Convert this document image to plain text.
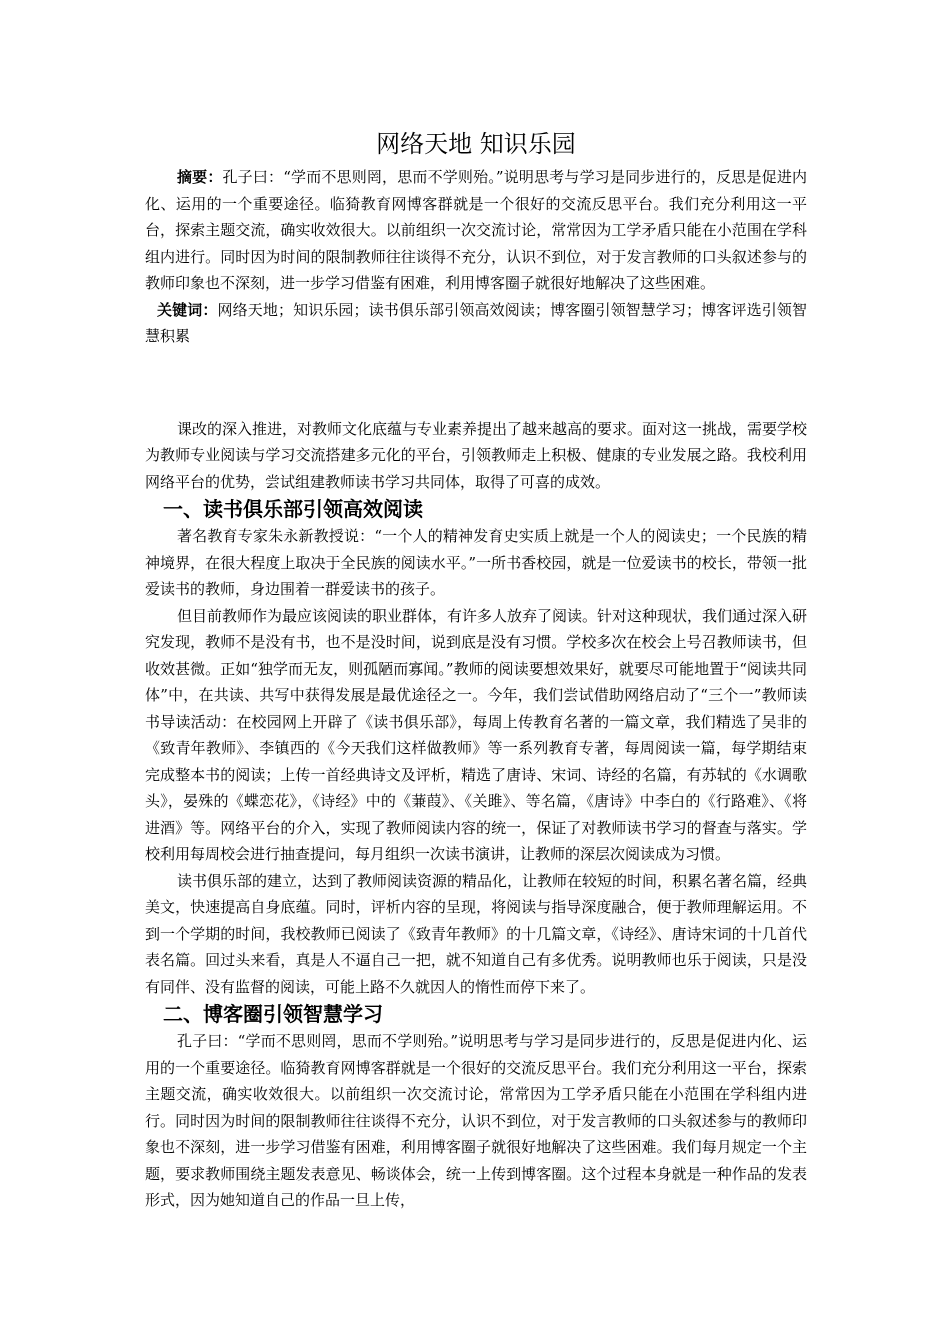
网络天地 知识乐园

摘要：孔子曰：“学而不思则罔，思而不学则殆。”说明思考与学习是同步进行的，反思是促进内化、运用的一个重要途径。临猗教育网博客群就是一个很好的交流反思平台。我们充分利用这一平台，探索主题交流，确实收效很大。以前组织一次交流讨论，常常因为工学矛盾只能在小范围在学科组内进行。同时因为时间的限制教师往往谈得不充分，认识不到位，对于发言教师的口头叙述参与的教师印象也不深刻，进一步学习借鉴有困难，利用博客圈子就很好地解决了这些困难。

关键词：网络天地；知识乐园；读书俱乐部引领高效阅读；博客圈引领智慧学习；博客评选引领智慧积累

课改的深入推进，对教师文化底蕴与专业素养提出了越来越高的要求。面对这一挑战，需要学校为教师专业阅读与学习交流搭建多元化的平台，引领教师走上积极、健康的专业发展之路。我校利用网络平台的优势，尝试组建教师读书学习共同体，取得了可喜的成效。

一、读书俱乐部引领高效阅读

著名教育专家朱永新教授说：“一个人的精神发育史实质上就是一个人的阅读史；一个民族的精神境界，在很大程度上取决于全民族的阅读水平。”一所书香校园，就是一位爱读书的校长，带领一批爱读书的教师，身边围着一群爱读书的孩子。

但目前教师作为最应该阅读的职业群体，有许多人放弃了阅读。针对这种现状，我们通过深入研究发现，教师不是没有书，也不是没时间，说到底是没有习惯。学校多次在校会上号召教师读书，但收效甚微。正如“独学而无友，则孤陋而寡闻。”教师的阅读要想效果好，就要尽可能地置于“阅读共同体”中，在共读、共写中获得发展是最优途径之一。今年，我们尝试借助网络启动了“三个一”教师读书导读活动：在校园网上开辟了《读书俱乐部》，每周上传教育名著的一篇文章，我们精选了吴非的《致青年教师》、李镇西的《今天我们这样做教师》等一系列教育专著，每周阅读一篇，每学期结束完成整本书的阅读；上传一首经典诗文及评析，精选了唐诗、宋词、诗经的名篇，有苏轼的《水调歌头》，晏殊的《蝶恋花》，《诗经》中的《蒹葭》、《关雎》、等名篇，《唐诗》中李白的《行路难》、《将进酒》等。网络平台的介入，实现了教师阅读内容的统一，保证了对教师读书学习的督查与落实。学校利用每周校会进行抽查提问，每月组织一次读书演讲，让教师的深层次阅读成为习惯。

读书俱乐部的建立，达到了教师阅读资源的精品化，让教师在较短的时间，积累名著名篇，经典美文，快速提高自身底蕴。同时，评析内容的呈现，将阅读与指导深度融合，便于教师理解运用。不到一个学期的时间，我校教师已阅读了《致青年教师》的十几篇文章，《诗经》、唐诗宋词的十几首代表名篇。回过头来看，真是人不逼自己一把，就不知道自己有多优秀。说明教师也乐于阅读，只是没有同伴、没有监督的阅读，可能上路不久就因人的惰性而停下来了。

二、博客圈引领智慧学习

孔子曰：“学而不思则罔，思而不学则殆。”说明思考与学习是同步进行的，反思是促进内化、运用的一个重要途径。临猗教育网博客群就是一个很好的交流反思平台。我们充分利用这一平台，探索主题交流，确实收效很大。以前组织一次交流讨论，常常因为工学矛盾只能在小范围在学科组内进行。同时因为时间的限制教师往往谈得不充分，认识不到位，对于发言教师的口头叙述参与的教师印象也不深刻，进一步学习借鉴有困难，利用博客圈子就很好地解决了这些困难。我们每月规定一个主题，要求教师围绕主题发表意见、畅谈体会，统一上传到博客圈。这个过程本身就是一种作品的发表形式，因为她知道自己的作品一旦上传，
